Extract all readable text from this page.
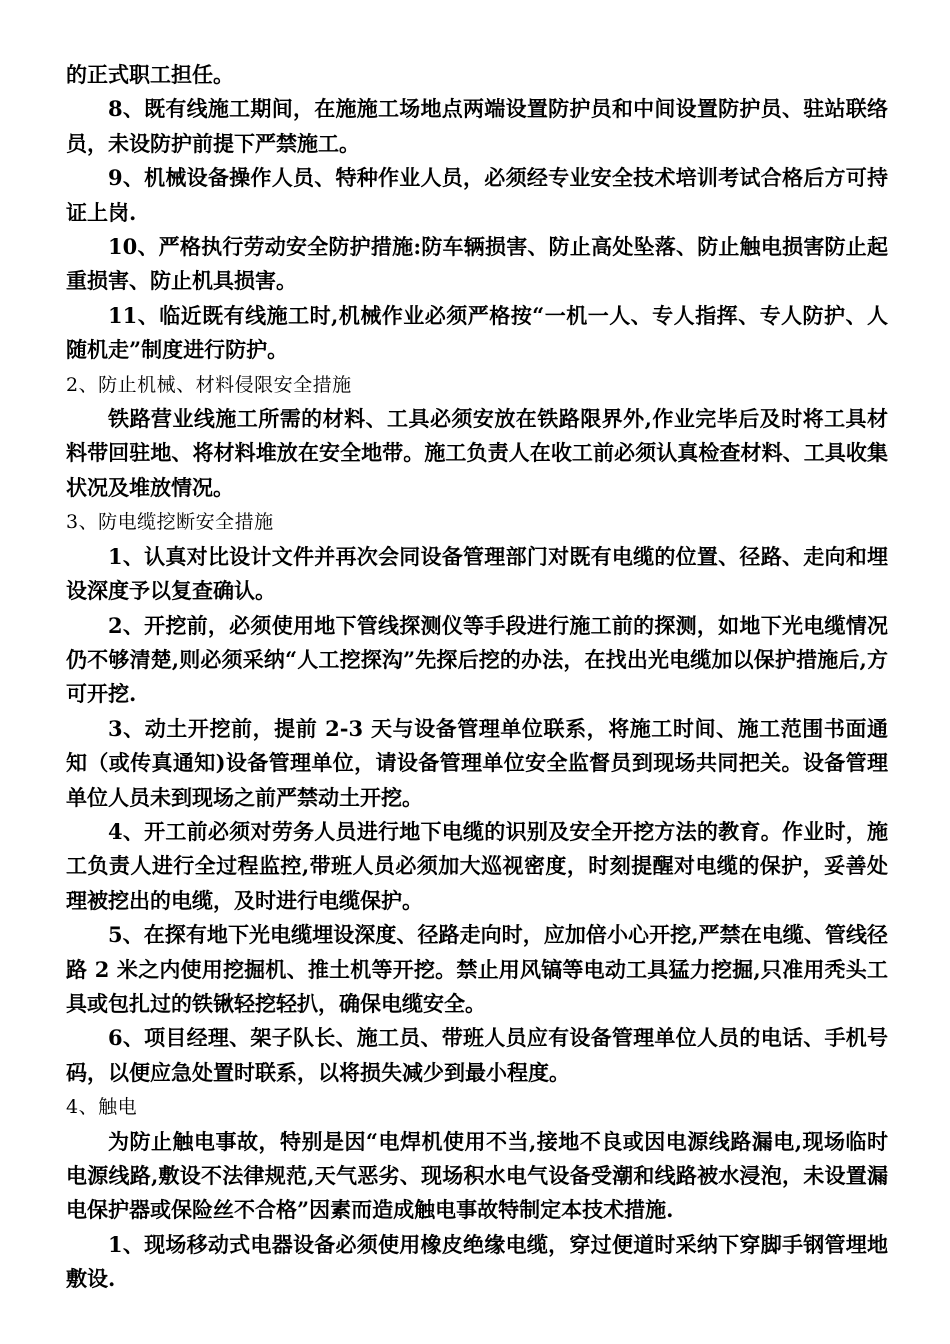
的正式职工担任。

8、既有线施工期间，在施施工场地点两端设置防护员和中间设置防护员、驻站联络员，未设防护前提下严禁施工。

9、机械设备操作人员、特种作业人员，必须经专业安全技术培训考试合格后方可持证上岗.

10、严格执行劳动安全防护措施:防车辆损害、防止高处坠落、防止触电损害防止起重损害、防止机具损害。

11、临近既有线施工时,机械作业必须严格按“一机一人、专人指挥、专人防护、人随机走”制度进行防护。

2、防止机械、材料侵限安全措施

铁路营业线施工所需的材料、工具必须安放在铁路限界外,作业完毕后及时将工具材料带回驻地、将材料堆放在安全地带。施工负责人在收工前必须认真检查材料、工具收集状况及堆放情况。

3、防电缆挖断安全措施

1、认真对比设计文件并再次会同设备管理部门对既有电缆的位置、径路、走向和埋设深度予以复查确认。

2、开挖前，必须使用地下管线探测仪等手段进行施工前的探测，如地下光电缆情况仍不够清楚,则必须采纳“人工挖探沟”先探后挖的办法，在找出光电缆加以保护措施后,方可开挖.

3、动土开挖前，提前 2-3 天与设备管理单位联系，将施工时间、施工范围书面通知（或传真通知)设备管理单位，请设备管理单位安全监督员到现场共同把关。设备管理单位人员未到现场之前严禁动土开挖。

4、开工前必须对劳务人员进行地下电缆的识别及安全开挖方法的教育。作业时，施工负责人进行全过程监控,带班人员必须加大巡视密度，时刻提醒对电缆的保护，妥善处理被挖出的电缆，及时进行电缆保护。

5、在探有地下光电缆埋设深度、径路走向时，应加倍小心开挖,严禁在电缆、管线径路 2 米之内使用挖掘机、推土机等开挖。禁止用风镐等电动工具猛力挖掘,只准用秃头工具或包扎过的铁锹轻挖轻扒，确保电缆安全。

6、项目经理、架子队长、施工员、带班人员应有设备管理单位人员的电话、手机号码，以便应急处置时联系，以将损失减少到最小程度。

4、触电

为防止触电事故，特别是因“电焊机使用不当,接地不良或因电源线路漏电,现场临时电源线路,敷设不法律规范,天气恶劣、现场积水电气设备受潮和线路被水浸泡，未设置漏电保护器或保险丝不合格”因素而造成触电事故特制定本技术措施.

1、现场移动式电器设备必须使用橡皮绝缘电缆，穿过便道时采纳下穿脚手钢管埋地敷设.
